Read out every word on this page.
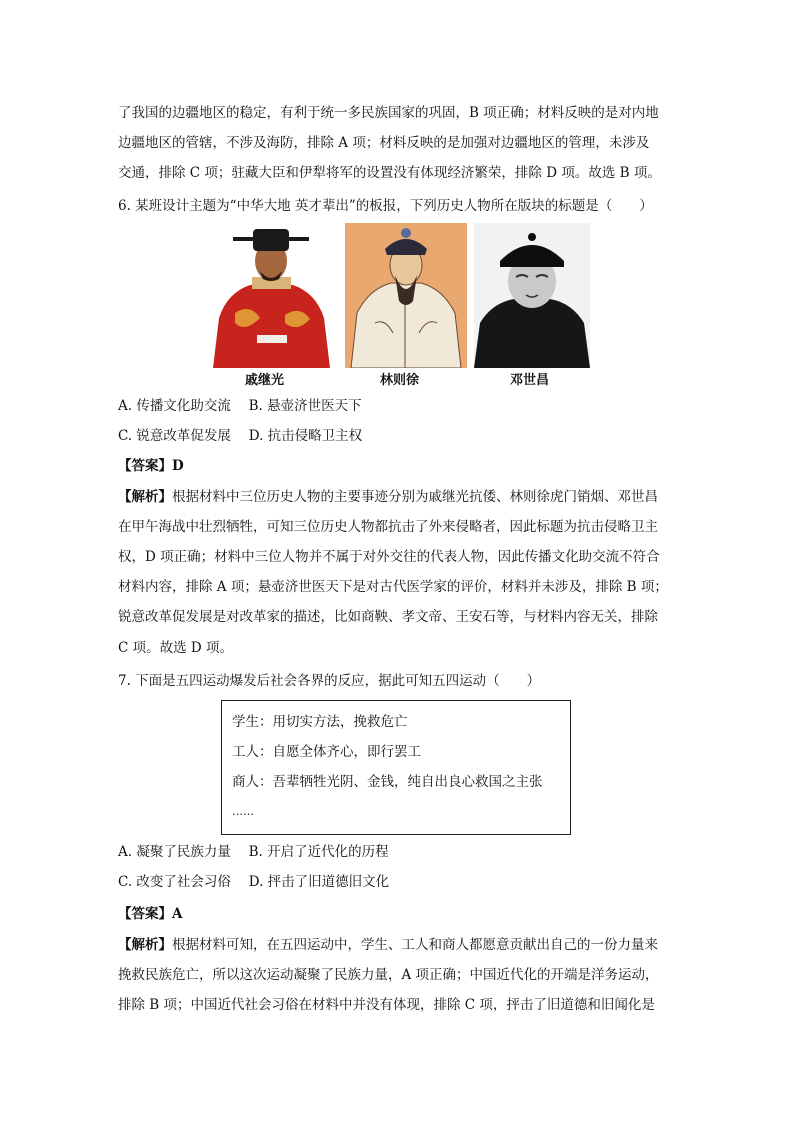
了我国的边疆地区的稳定，有利于统一多民族国家的巩固，B 项正确；材料反映的是对内地
边疆地区的管辖，不涉及海防，排除 A 项；材料反映的是加强对边疆地区的管理，未涉及
交通，排除 C 项；驻藏大臣和伊犁将军的设置没有体现经济繁荣，排除 D 项。故选 B 项。
6. 某班设计主题为“中华大地 英才辈出”的板报，下列历史人物所在版块的标题是（　　）
戚继光	林则徐	邓世昌
A. 传播文化助交流　 B. 悬壶济世医天下
C. 锐意改革促发展　 D. 抗击侵略卫主权
【答案】D
【解析】根据材料中三位历史人物的主要事迹分别为戚继光抗倭、林则徐虎门销烟、邓世昌
在甲午海战中壮烈牺牲，可知三位历史人物都抗击了外来侵略者，因此标题为抗击侵略卫主
权，D 项正确；材料中三位人物并不属于对外交往的代表人物，因此传播文化助交流不符合
材料内容，排除 A 项；悬壶济世医天下是对古代医学家的评价，材料并未涉及，排除 B 项；
锐意改革促发展是对改革家的描述，比如商鞅、孝文帝、王安石等，与材料内容无关，排除
C 项。故选 D 项。
7. 下面是五四运动爆发后社会各界的反应，据此可知五四运动（　　）
学生：用切实方法，挽救危亡
工人：自愿全体齐心，即行罢工
商人：吾辈牺牲光阴、金钱，纯自出良心救国之主张
……
A. 凝聚了民族力量　 B. 开启了近代化的历程
C. 改变了社会习俗　 D. 抨击了旧道德旧文化
【答案】A
【解析】根据材料可知，在五四运动中，学生、工人和商人都愿意贡献出自己的一份力量来
挽救民族危亡，所以这次运动凝聚了民族力量，A 项正确；中国近代化的开端是洋务运动，
排除 B 项；中国近代社会习俗在材料中并没有体现，排除 C 项，抨击了旧道德和旧闻化是
